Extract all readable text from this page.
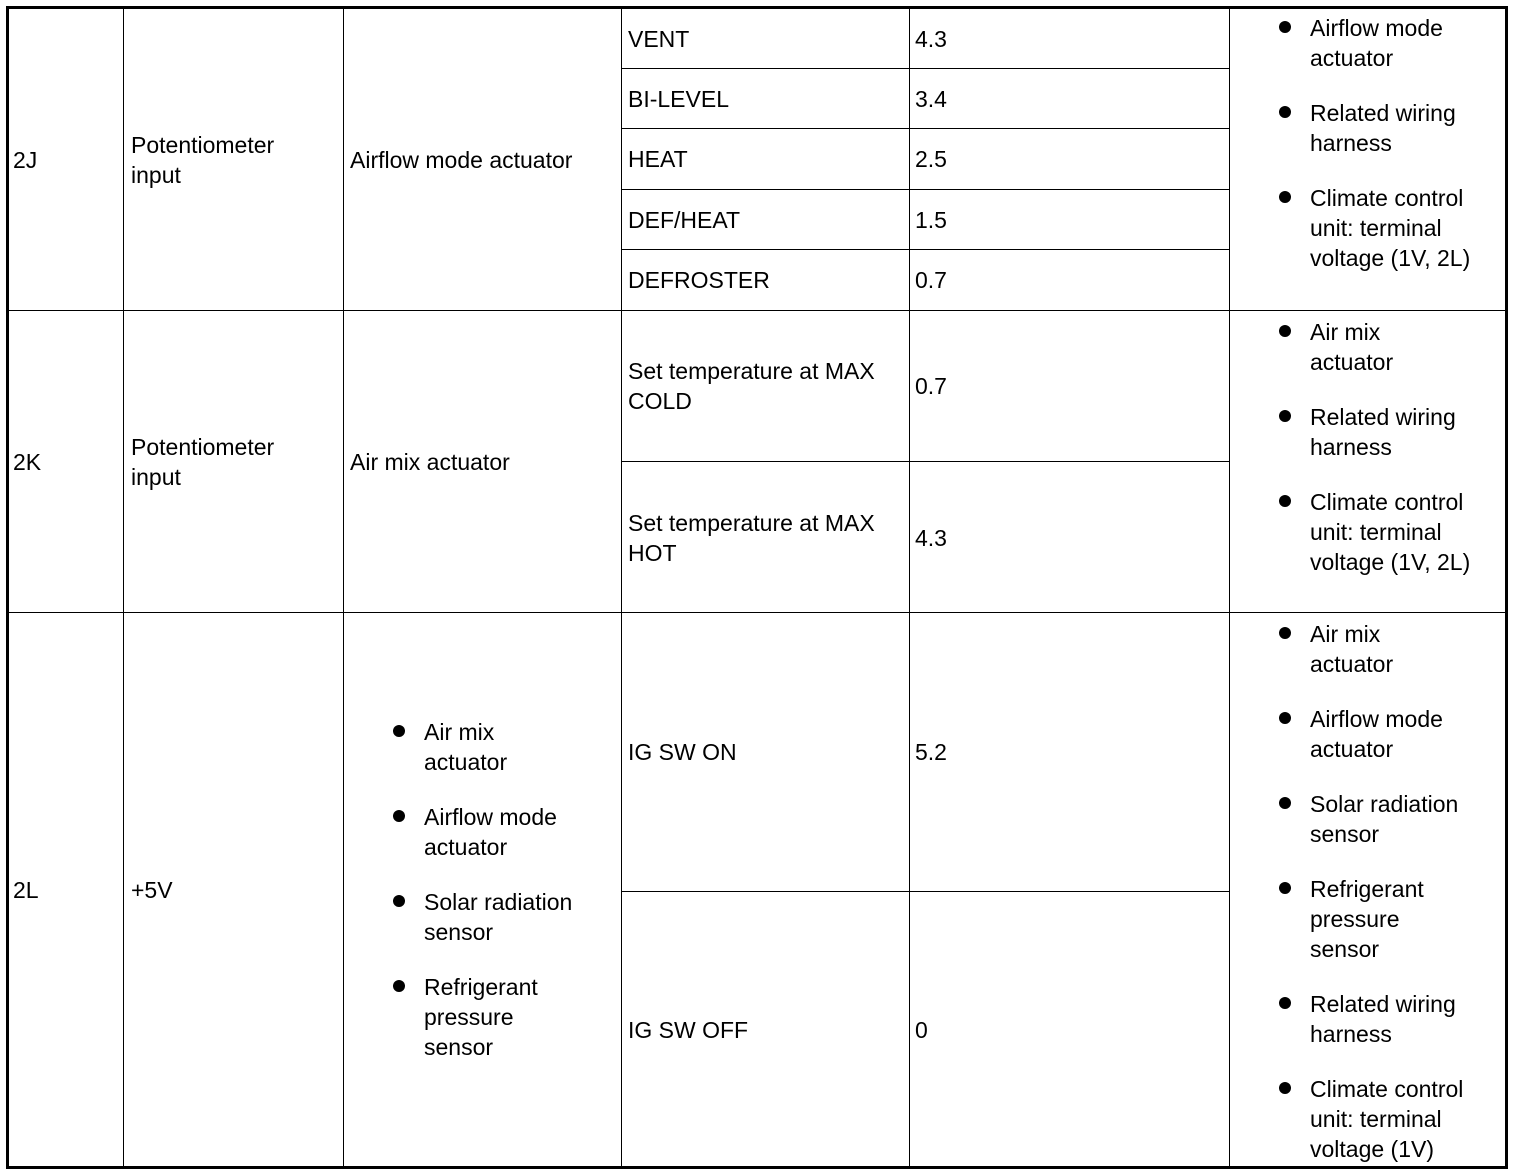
2J
Potentiometer
input
Airflow mode actuator
VENT
BI-LEVEL
HEAT
DEF/HEAT
DEFROSTER
4.3
3.4
2.5
1.5
0.7
Airflow mode actuator
Related wiring harness
Climate control unit: terminal voltage (1V, 2L)
2K
Potentiometer
input
Air mix actuator
Set temperature at MAX COLD
Set temperature at MAX HOT
0.7
4.3
Air mix actuator
Related wiring harness
Climate control unit: terminal voltage (1V, 2L)
2L	+5V
Air mix actuator
Airflow mode actuator
Solar radiation sensor
Refrigerant pressure sensor
IG SW ON
IG SW OFF
5.2
0
Air mix actuator
Airflow mode actuator
Solar radiation sensor
Refrigerant pressure sensor
Related wiring harness
Climate control unit: terminal voltage (1V)
